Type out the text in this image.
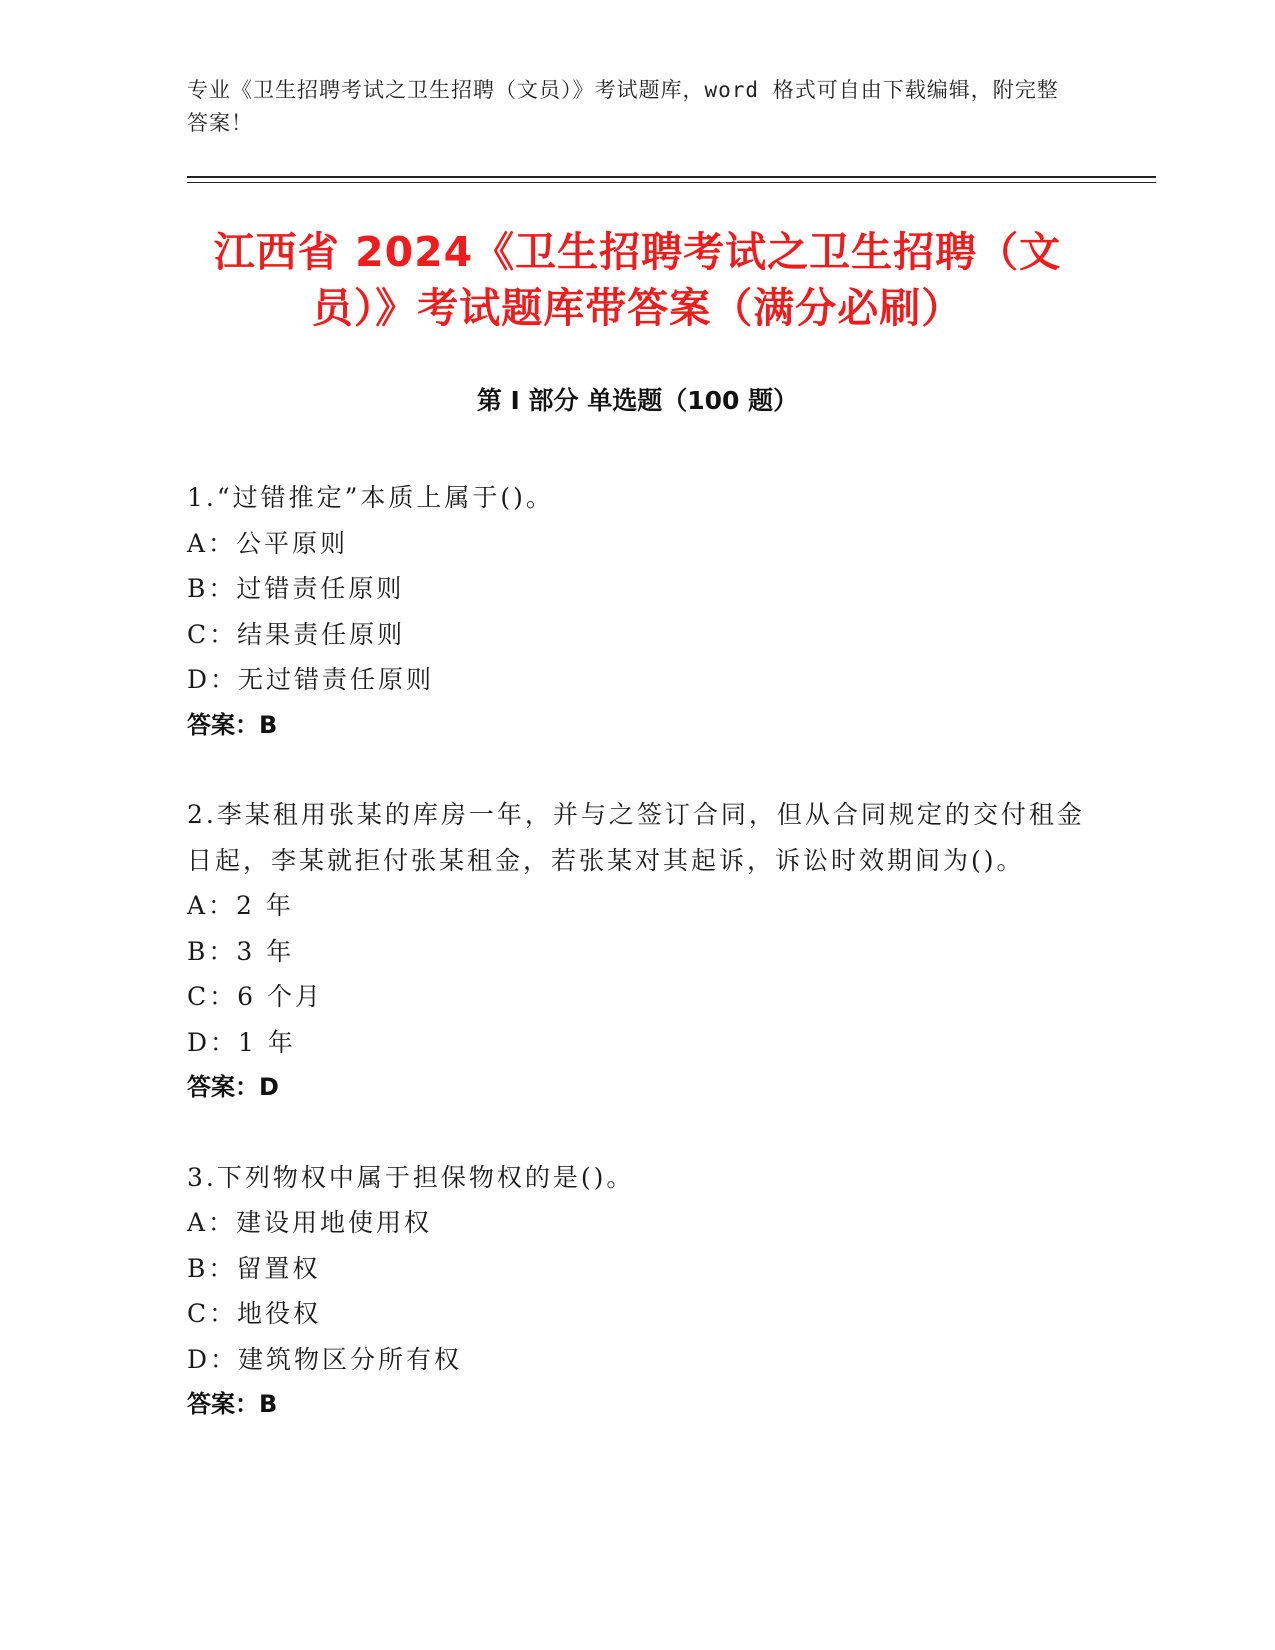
专业《卫生招聘考试之卫生招聘（文员）》考试题库，word 格式可自由下载编辑，附完整答案！
江西省 2024《卫生招聘考试之卫生招聘（文员）》考试题库带答案（满分必刷）
第 I 部分 单选题（100 题）
1.“过错推定”本质上属于()。
A：公平原则
B：过错责任原则
C：结果责任原则
D：无过错责任原则
答案：B
2.李某租用张某的库房一年，并与之签订合同，但从合同规定的交付租金日起，李某就拒付张某租金，若张某对其起诉，诉讼时效期间为()。
A：2 年
B：3 年
C：6 个月
D：1 年
答案：D
3.下列物权中属于担保物权的是()。
A：建设用地使用权
B：留置权
C：地役权
D：建筑物区分所有权
答案：B
